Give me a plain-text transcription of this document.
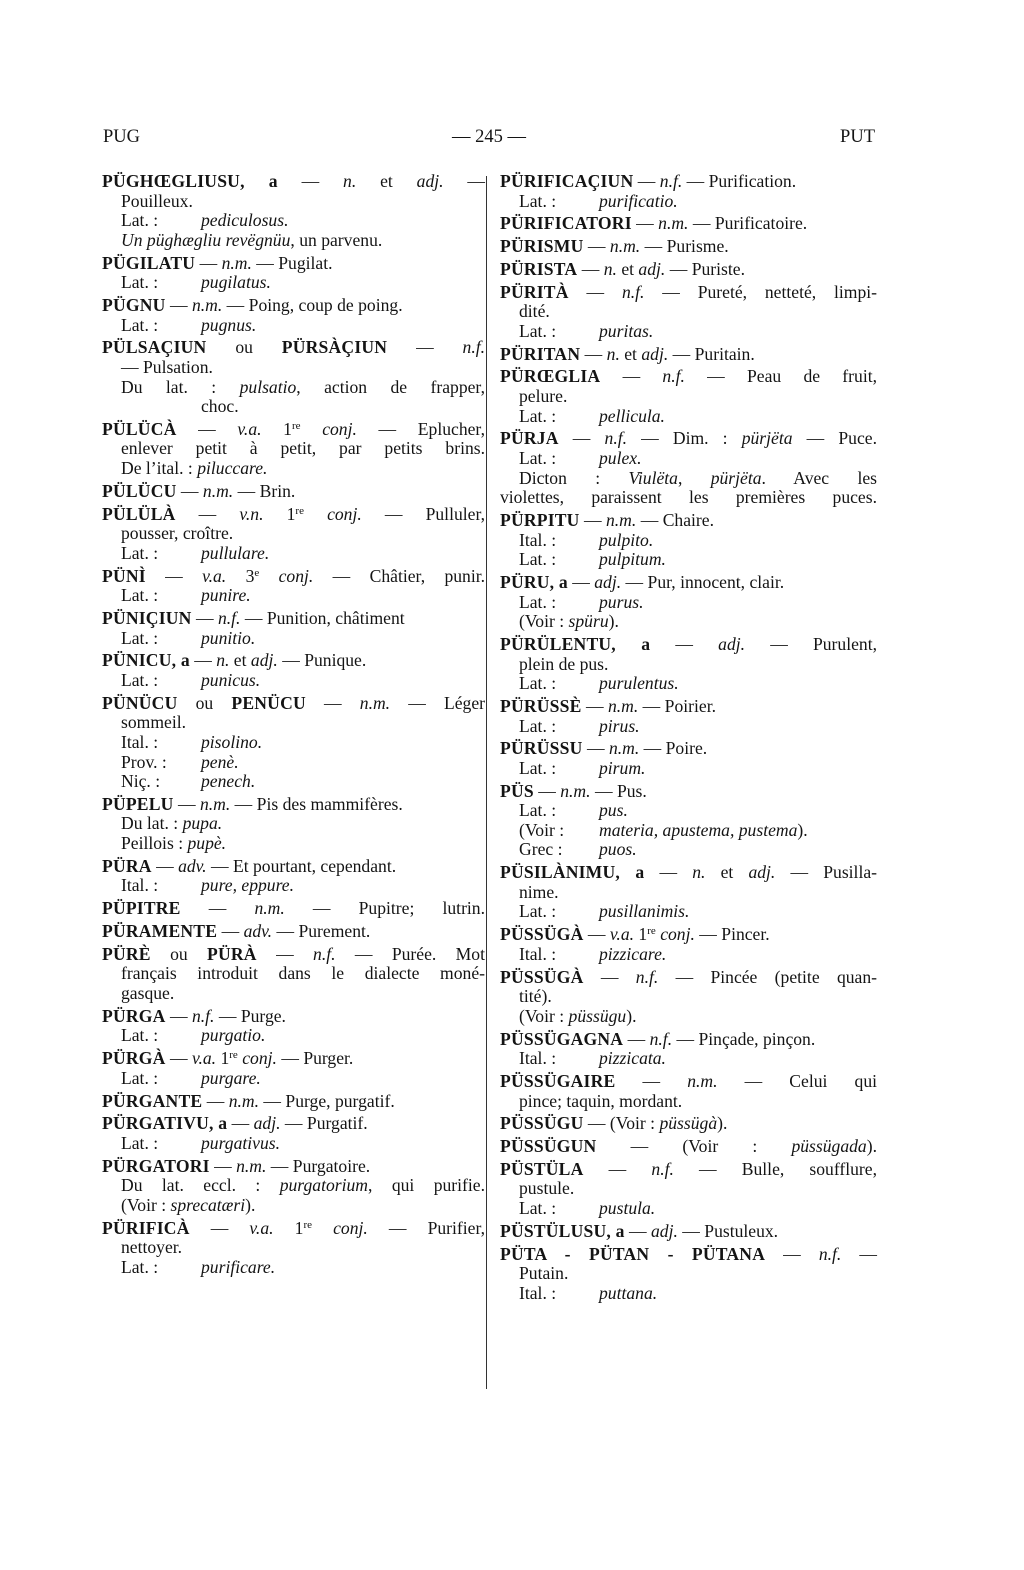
PUG	— 245 —	PUT
PÜGHŒGLIUSU, a — n. et adj. —
Pouilleux.
Lat. : pediculosus.
Un püghægliu revëgnüu, un parvenu.
PÜGILATU — n.m. — Pugilat.
Lat. : pugilatus.
PÜGNU — n.m. — Poing, coup de poing.
Lat. : pugnus.
PÜLSAÇIUN ou PÜRSÀÇIUN — n.f.
— Pulsation.
Du lat. : pulsatio, action de frapper,
choc.
PÜLÜCÀ — v.a. 1re conj. — Eplucher,
enlever petit à petit, par petits brins.
De l’ital. : piluccare.
PÜLÜCU — n.m. — Brin.
PÜLÜLÀ — v.n. 1re conj. — Pulluler,
pousser, croître.
Lat. : pullulare.
PÜNÌ — v.a. 3e conj. — Châtier, punir.
Lat. : punire.
PÜNIÇIUN — n.f. — Punition, châtiment
Lat. : punitio.
PÜNICU, a — n. et adj. — Punique.
Lat. : punicus.
PÜNÜCU ou PENÜCU — n.m. — Léger
sommeil.
Ital. : pisolino.
Prov. : penè.
Niç. : penech.
PÜPELU — n.m. — Pis des mammifères.
Du lat. : pupa.
Peillois : pupè.
PÜRA — adv. — Et pourtant, cependant.
Ital. : pure, eppure.
PÜPITRE — n.m. — Pupitre; lutrin.
PÜRAMENTE — adv. — Purement.
PÜRÈ ou PÜRÀ — n.f. — Purée. Mot
français introduit dans le dialecte moné-
gasque.
PÜRGA — n.f. — Purge.
Lat. : purgatio.
PÜRGÀ — v.a. 1re conj. — Purger.
Lat. : purgare.
PÜRGANTE — n.m. — Purge, purgatif.
PÜRGATIVU, a — adj. — Purgatif.
Lat. : purgativus.
PÜRGATORI — n.m. — Purgatoire.
Du lat. eccl. : purgatorium, qui purifie.
(Voir : sprecatæri).
PÜRIFICÀ — v.a. 1re conj. — Purifier,
nettoyer.
Lat. : purificare.
PÜRIFICAÇIUN — n.f. — Purification.
Lat. : purificatio.
PÜRIFICATORI — n.m. — Purificatoire.
PÜRISMU — n.m. — Purisme.
PÜRISTA — n. et adj. — Puriste.
PÜRITÀ — n.f. — Pureté, netteté, limpi-
dité.
Lat. : puritas.
PÜRITAN — n. et adj. — Puritain.
PÜRŒGLIA — n.f. — Peau de fruit,
pelure.
Lat. : pellicula.
PÜRJA — n.f. — Dim. : pürjëta — Puce.
Lat. : pulex.
Dicton : Viulëta, pürjëta. Avec les
violettes, paraissent les premières puces.
PÜRPITU — n.m. — Chaire.
Ital. : pulpito.
Lat. : pulpitum.
PÜRU, a — adj. — Pur, innocent, clair.
Lat. : purus.
(Voir : spüru).
PÜRÜLENTU, a — adj. — Purulent,
plein de pus.
Lat. : purulentus.
PÜRÜSSÈ — n.m. — Poirier.
Lat. : pirus.
PÜRÜSSU — n.m. — Poire.
Lat. : pirum.
PÜS — n.m. — Pus.
Lat. : pus.
(Voir : materia, apustema, pustema).
Grec : puos.
PÜSILÀNIMU, a — n. et adj. — Pusilla-
nime.
Lat. : pusillanimis.
PÜSSÜGÀ — v.a. 1re conj. — Pincer.
Ital. : pizzicare.
PÜSSÜGÀ — n.f. — Pincée (petite quan-
tité).
(Voir : püssügu).
PÜSSÜGAGNA — n.f. — Pinçade, pinçon.
Ital. : pizzicata.
PÜSSÜGAIRE — n.m. — Celui qui
pince; taquin, mordant.
PÜSSÜGU — (Voir : püssügà).
PÜSSÜGUN — (Voir : püssügada).
PÜSTÜLA — n.f. — Bulle, soufflure,
pustule.
Lat. : pustula.
PÜSTÜLUSU, a — adj. — Pustuleux.
PÜTA - PÜTAN - PÜTANA — n.f. —
Putain.
Ital. : puttana.
